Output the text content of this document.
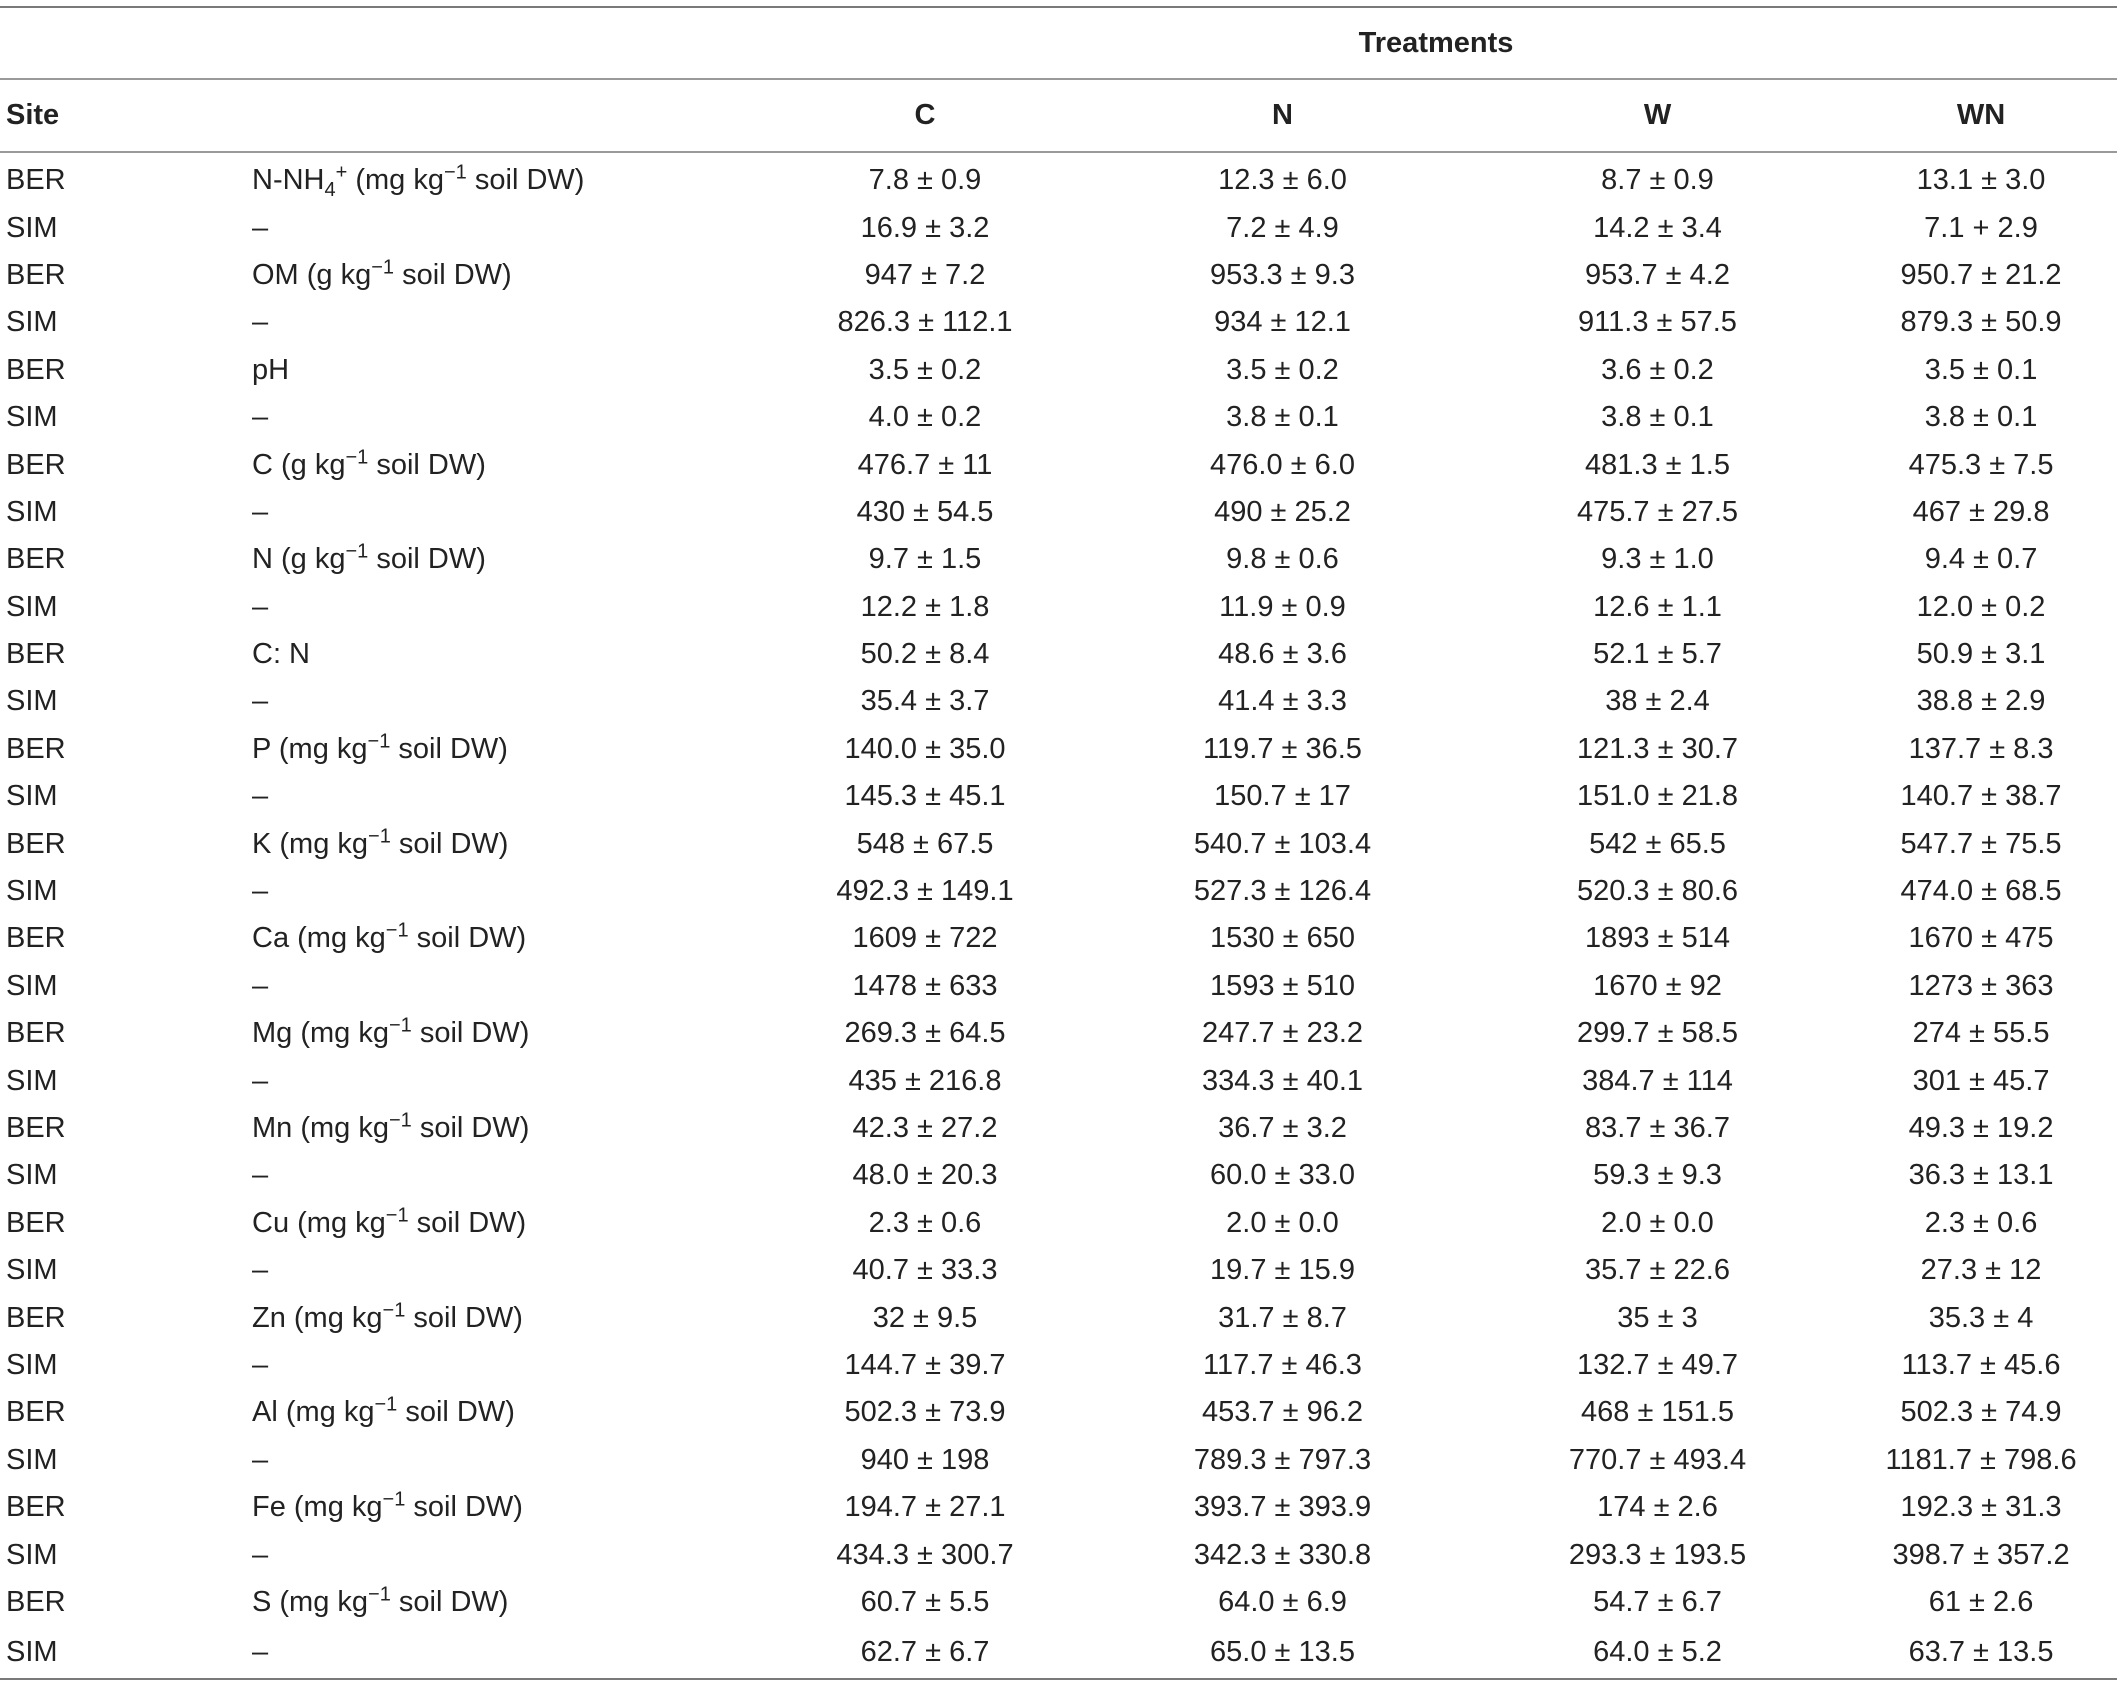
		Treatments			
Site		C	N	W	WN
BER	$N-NH_4^+$ (mg $kg^{-1}$ soil DW)	7.8 ± 0.9	12.3 ± 6.0	8.7 ± 0.9	13.1 ± 3.0
SIM	–	16.9 ± 3.2	7.2 ± 4.9	14.2 ± 3.4	7.1 + 2.9
BER	OM (g $kg^{-1}$ soil DW)	947 ± 7.2	953.3 ± 9.3	953.7 ± 4.2	950.7 ± 21.2
SIM	–	826.3 ± 112.1	934 ± 12.1	911.3 ± 57.5	879.3 ± 50.9
BER	pH	3.5 ± 0.2	3.5 ± 0.2	3.6 ± 0.2	3.5 ± 0.1
SIM	–	4.0 ± 0.2	3.8 ± 0.1	3.8 ± 0.1	3.8 ± 0.1
BER	C (g $kg^{-1}$ soil DW)	476.7 ± 11	476.0 ± 6.0	481.3 ± 1.5	475.3 ± 7.5
SIM	–	430 ± 54.5	490 ± 25.2	475.7 ± 27.5	467 ± 29.8
BER	N (g $kg^{-1}$ soil DW)	9.7 ± 1.5	9.8 ± 0.6	9.3 ± 1.0	9.4 ± 0.7
SIM	–	12.2 ± 1.8	11.9 ± 0.9	12.6 ± 1.1	12.0 ± 0.2
BER	C: N	50.2 ± 8.4	48.6 ± 3.6	52.1 ± 5.7	50.9 ± 3.1
SIM	–	35.4 ± 3.7	41.4 ± 3.3	38 ± 2.4	38.8 ± 2.9
BER	P (mg $kg^{-1}$ soil DW)	140.0 ± 35.0	119.7 ± 36.5	121.3 ± 30.7	137.7 ± 8.3
SIM	–	145.3 ± 45.1	150.7 ± 17	151.0 ± 21.8	140.7 ± 38.7
BER	K (mg $kg^{-1}$ soil DW)	548 ± 67.5	540.7 ± 103.4	542 ± 65.5	547.7 ± 75.5
SIM	–	492.3 ± 149.1	527.3 ± 126.4	520.3 ± 80.6	474.0 ± 68.5
BER	Ca (mg $kg^{-1}$ soil DW)	1609 ± 722	1530 ± 650	1893 ± 514	1670 ± 475
SIM	–	1478 ± 633	1593 ± 510	1670 ± 92	1273 ± 363
BER	Mg (mg $kg^{-1}$ soil DW)	269.3 ± 64.5	247.7 ± 23.2	299.7 ± 58.5	274 ± 55.5
SIM	–	435 ± 216.8	334.3 ± 40.1	384.7 ± 114	301 ± 45.7
BER	Mn (mg $kg^{-1}$ soil DW)	42.3 ± 27.2	36.7 ± 3.2	83.7 ± 36.7	49.3 ± 19.2
SIM	–	48.0 ± 20.3	60.0 ± 33.0	59.3 ± 9.3	36.3 ± 13.1
BER	Cu (mg $kg^{-1}$ soil DW)	2.3 ± 0.6	2.0 ± 0.0	2.0 ± 0.0	2.3 ± 0.6
SIM	–	40.7 ± 33.3	19.7 ± 15.9	35.7 ± 22.6	27.3 ± 12
BER	Zn (mg $kg^{-1}$ soil DW)	32 ± 9.5	31.7 ± 8.7	35 ± 3	35.3 ± 4
SIM	–	144.7 ± 39.7	117.7 ± 46.3	132.7 ± 49.7	113.7 ± 45.6
BER	Al (mg $kg^{-1}$ soil DW)	502.3 ± 73.9	453.7 ± 96.2	468 ± 151.5	502.3 ± 74.9
SIM	–	940 ± 198	789.3 ± 797.3	770.7 ± 493.4	1181.7 ± 798.6
BER	Fe (mg $kg^{-1}$ soil DW)	194.7 ± 27.1	393.7 ± 393.9	174 ± 2.6	192.3 ± 31.3
SIM	–	434.3 ± 300.7	342.3 ± 330.8	293.3 ± 193.5	398.7 ± 357.2
BER	S (mg $kg^{-1}$ soil DW)	60.7 ± 5.5	64.0 ± 6.9	54.7 ± 6.7	61 ± 2.6
SIM	–	62.7 ± 6.7	65.0 ± 13.5	64.0 ± 5.2	63.7 ± 13.5
